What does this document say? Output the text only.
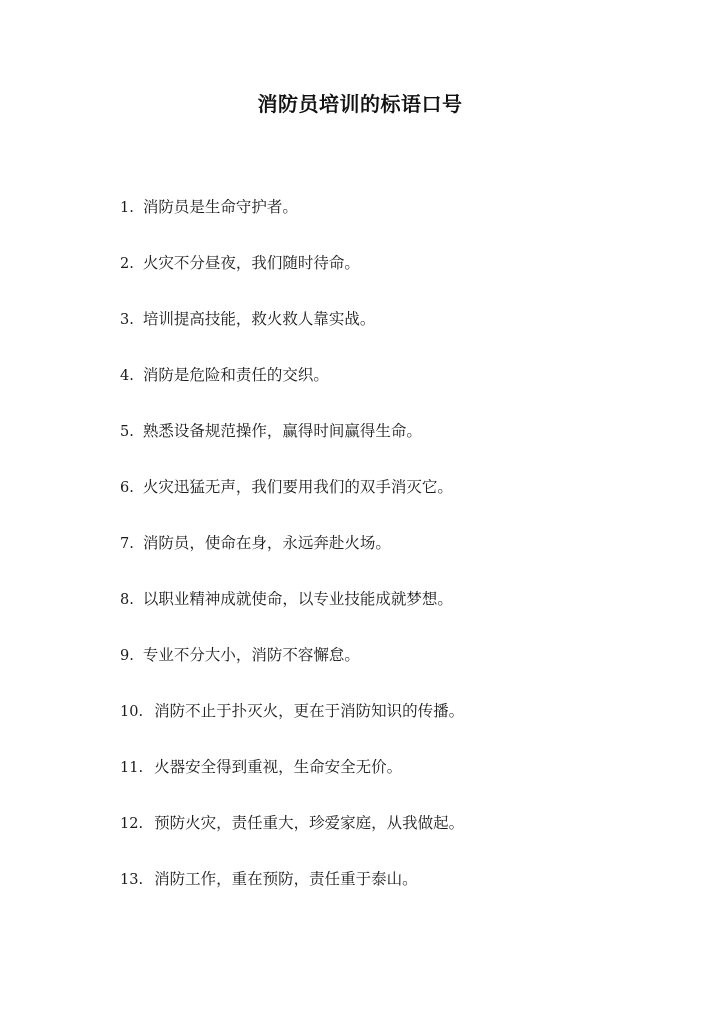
消防员培训的标语口号
1. 消防员是生命守护者。
2. 火灾不分昼夜，我们随时待命。
3. 培训提高技能，救火救人靠实战。
4. 消防是危险和责任的交织。
5. 熟悉设备规范操作，赢得时间赢得生命。
6. 火灾迅猛无声，我们要用我们的双手消灭它。
7. 消防员，使命在身，永远奔赴火场。
8. 以职业精神成就使命，以专业技能成就梦想。
9. 专业不分大小，消防不容懈怠。
10. 消防不止于扑灭火，更在于消防知识的传播。
11. 火器安全得到重视，生命安全无价。
12. 预防火灾，责任重大，珍爱家庭，从我做起。
13. 消防工作，重在预防，责任重于泰山。
